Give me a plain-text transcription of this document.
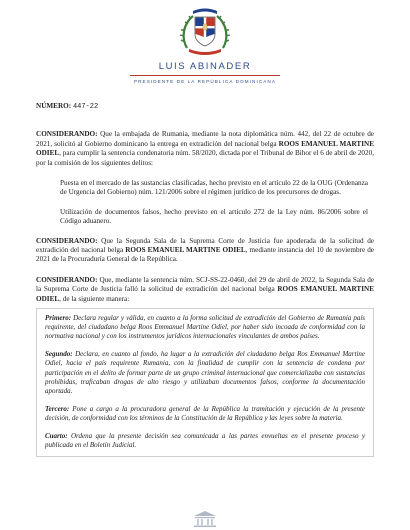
LUIS ABINADER
PRESIDENTE DE LA REPÚBLICA DOMINICANA
NÚMERO: 447-22

CONSIDERANDO: Que la embajada de Rumania, mediante la nota diplomática núm. 442, del 22 de octubre de 2021, solicitó al Gobierno dominicano la entrega en extradición del nacional belga ROOS EMANUEL MARTINE ODIEL, para cumplir la sentencia condenatoria núm. 58/2020, dictada por el Tribunal de Bihor el 6 de abril de 2020, por la comisión de los siguientes delitos:

Puesta en el mercado de las sustancias clasificadas, hecho previsto en el artículo 22 de la OUG (Ordenanza de Urgencia del Gobierno) núm. 121/2006 sobre el régimen jurídico de los precursores de drogas.

Utilización de documentos falsos, hecho previsto en el artículo 272 de la Ley núm. 86/2006 sobre el Código aduanero.

CONSIDERANDO: Que la Segunda Sala de la Suprema Corte de Justicia fue apoderada de la solicitud de extradición del nacional belga ROOS EMANUEL MARTINE ODIEL, mediante instancia del 10 de noviembre de 2021 de la Procuraduría General de la República.

CONSIDERANDO: Que, mediante la sentencia núm. SCJ-SS-22-0460, del 29 de abril de 2022, la Segunda Sala de la Suprema Corte de Justicia falló la solicitud de extradición del nacional belga ROOS EMANUEL MARTINE ODIEL, de la siguiente manera:

Primero: Declara regular y válida, en cuanto a la forma solicitud de extradición del Gobierno de Rumania país requirente, del ciudadano belga Roos Emmanuel Martine Odiel, por haber sido incoada de conformidad con la normativa nacional y con los instrumentos jurídicos internacionales vinculantes de ambos países.

Segundo: Declara, en cuanto al fondo, ha lugar a la extradición del ciudadano belga Ros Emmanuel Martine Odiel, hacia el país requirente Rumania, con la finalidad de cumplir con la sentencia de condena por participación en el delito de formar parte de un grupo criminal internacional que comercializaba con sustancias prohibidas, traficaban drogas de alto riesgo y utilizaban documentos falsos, conforme la documentación aportada.

Tercero: Pone a cargo a la procuradora general de la República la tramitación y ejecución de la presente decisión, de conformidad con los términos de la Constitución de la República y las leyes sobre la materia.

Cuarto: Ordena que la presente decisión sea comunicada a las partes envueltas en el presente proceso y publicada en el Boletín Judicial.
